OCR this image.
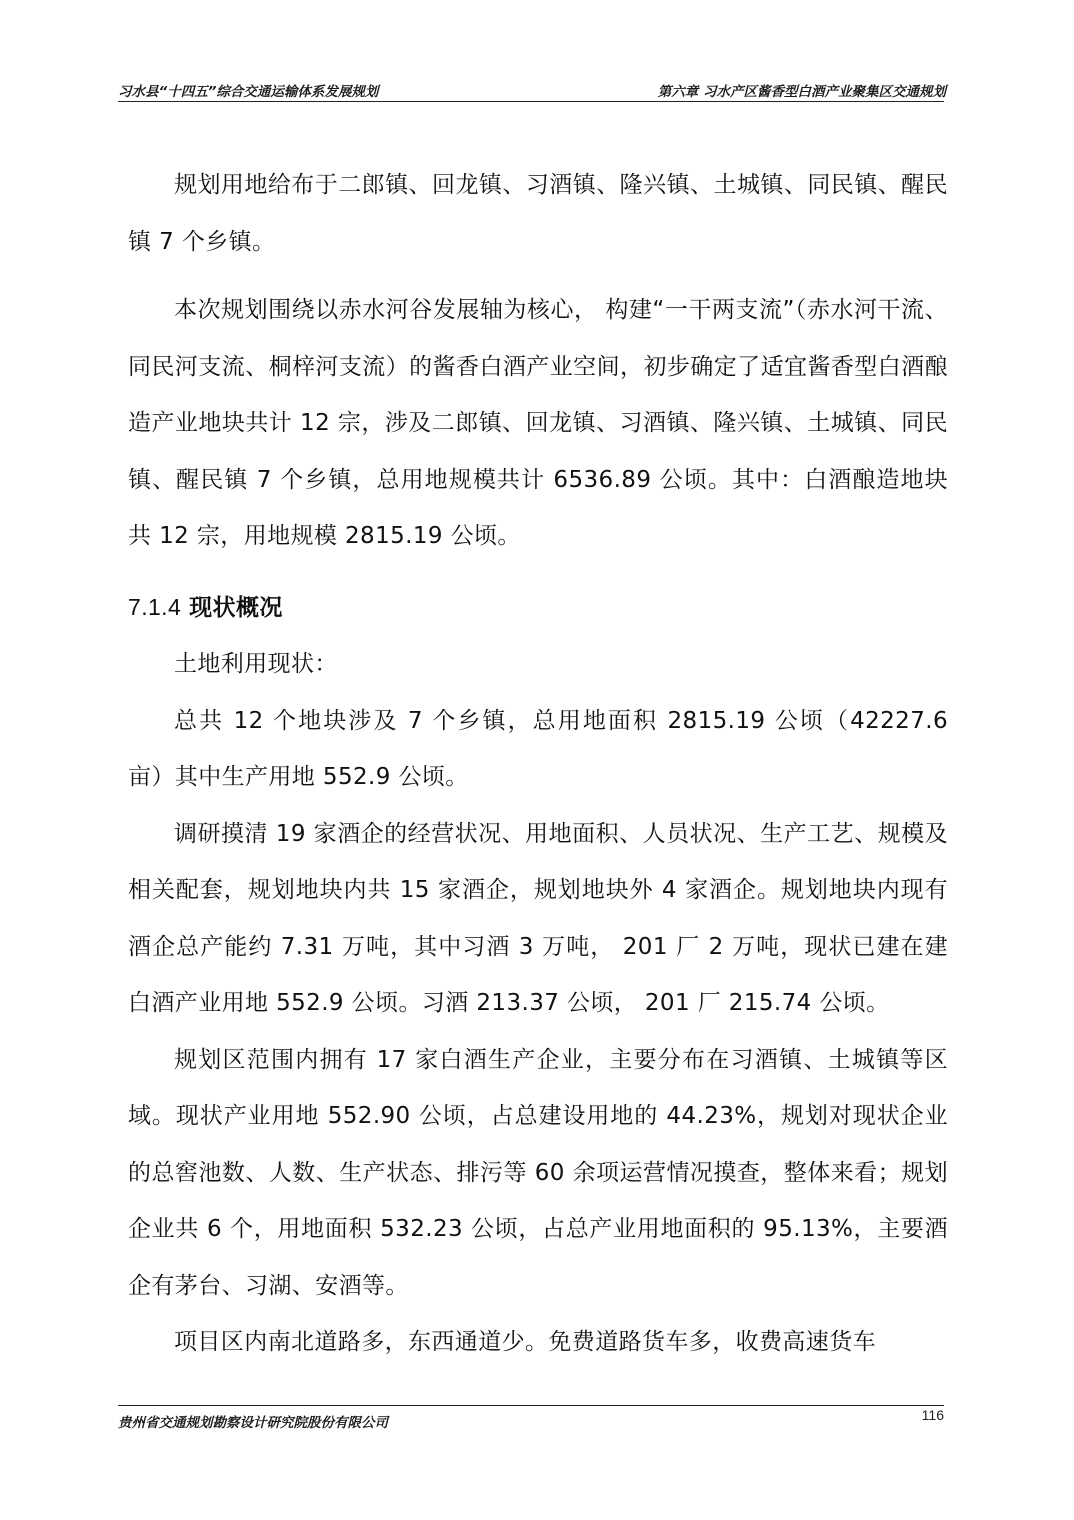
习水县“十四五”综合交通运输体系发展规划	第六章 习水产区酱香型白酒产业聚集区交通规划

规划用地给布于二郎镇、回龙镇、习酒镇、隆兴镇、土城镇、同民镇、醒民镇 7 个乡镇。

本次规划围绕以赤水河谷发展轴为核心， 构建“一干两支流”（赤水河干流、同民河支流、桐梓河支流）的酱香白酒产业空间，初步确定了适宜酱香型白酒酿造产业地块共计 12 宗，涉及二郎镇、回龙镇、习酒镇、隆兴镇、土城镇、同民镇、醒民镇 7 个乡镇，总用地规模共计 6536.89 公顷。其中：白酒酿造地块共 12 宗，用地规模 2815.19 公顷。

7.1.4 现状概况

土地利用现状：

总共 12 个地块涉及 7 个乡镇，总用地面积 2815.19 公顷（42227.6 亩）其中生产用地 552.9 公顷。

调研摸清 19 家酒企的经营状况、用地面积、人员状况、生产工艺、规模及相关配套，规划地块内共 15 家酒企，规划地块外 4 家酒企。规划地块内现有酒企总产能约 7.31 万吨，其中习酒 3 万吨， 201 厂 2 万吨，现状已建在建白酒产业用地 552.9 公顷。习酒 213.37 公顷， 201 厂 215.74 公顷。

规划区范围内拥有 17 家白酒生产企业，主要分布在习酒镇、土城镇等区域。现状产业用地 552.90 公顷，占总建设用地的 44.23%，规划对现状企业的总窖池数、人数、生产状态、排污等 60 余项运营情况摸查，整体来看；规划企业共 6 个，用地面积 532.23 公顷，占总产业用地面积的 95.13%，主要酒企有茅台、习湖、安酒等。

项目区内南北道路多，东西通道少。免费道路货车多，收费高速货车

贵州省交通规划勘察设计研究院股份有限公司	116
